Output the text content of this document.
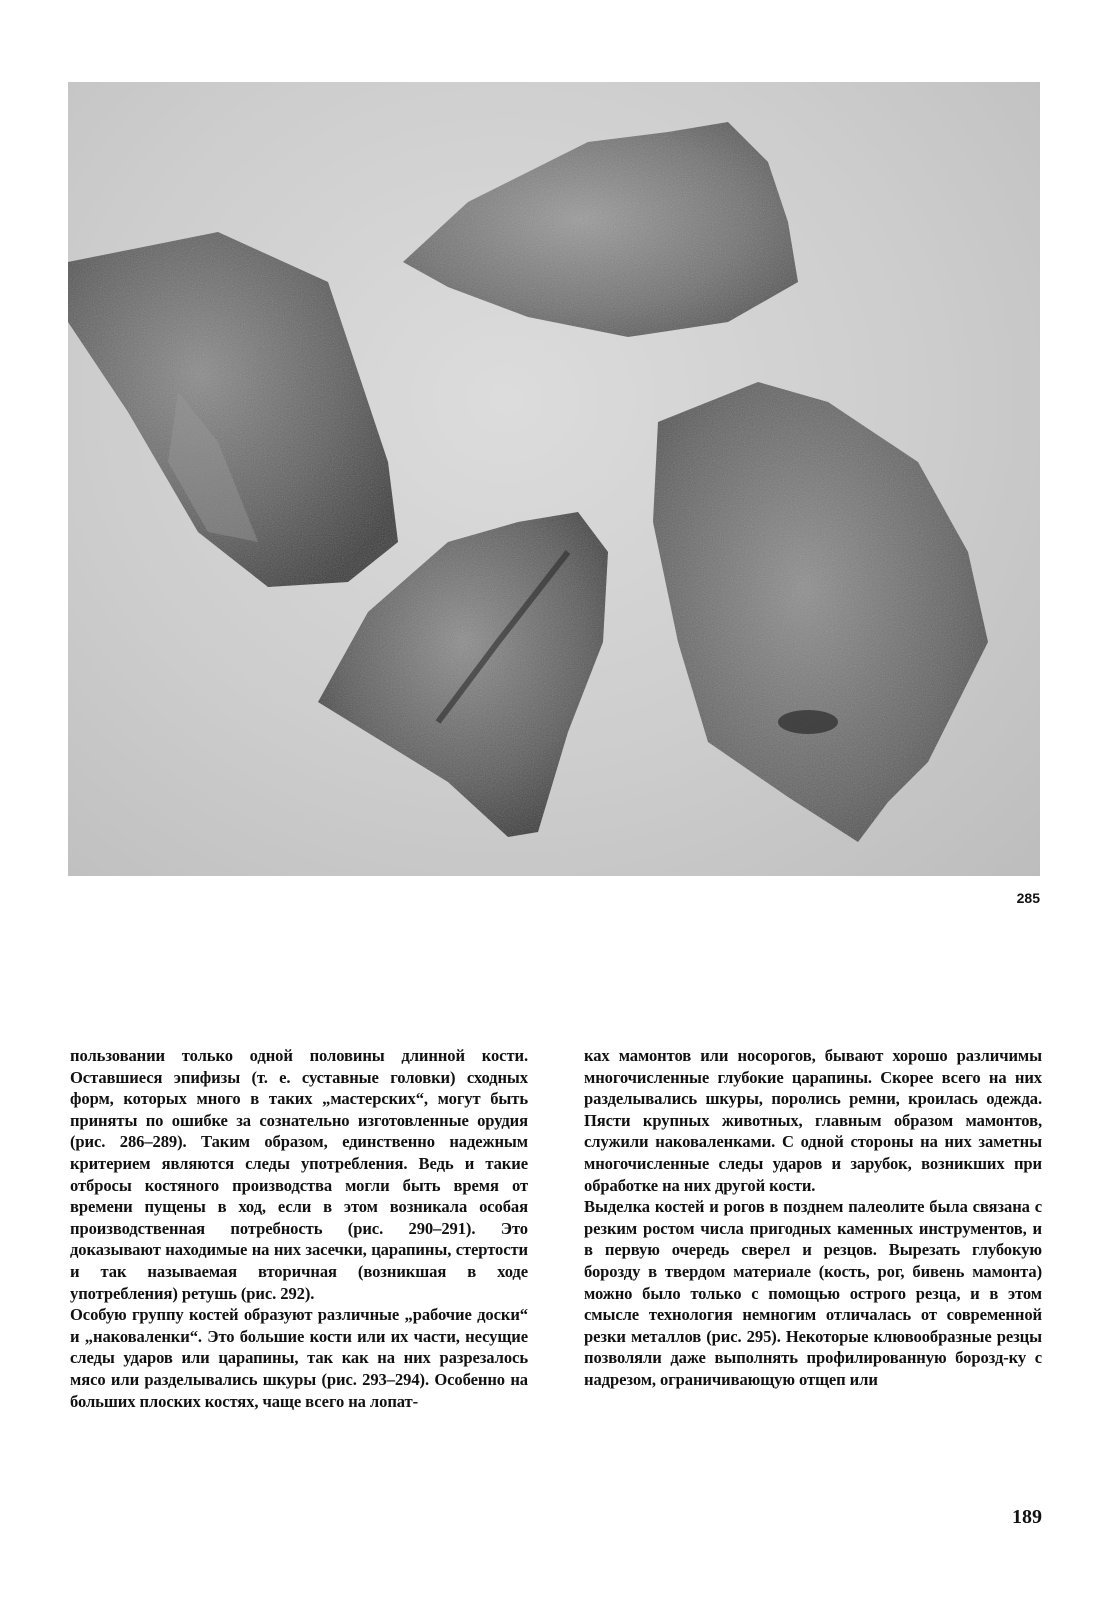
285

пользовании только одной половины длинной кости. Оставшиеся эпифизы (т. е. суставные головки) сходных форм, которых много в таких „мастерских“, могут быть приняты по ошибке за сознательно изготовленные орудия (рис. 286–289). Таким образом, единственно надежным критерием являются следы употребления. Ведь и такие отбросы костяного производства могли быть время от времени пущены в ход, если в этом возникала особая производственная потребность (рис. 290–291). Это доказывают находимые на них засечки, царапины, стертости и так называемая вторичная (возникшая в ходе употребления) ретушь (рис. 292).

Особую группу костей образуют различные „рабочие доски“ и „наковаленки“. Это большие кости или их части, несущие следы ударов или царапины, так как на них разрезалось мясо или разделывались шкуры (рис. 293–294). Особенно на больших плоских костях, чаще всего на лопат-

ках мамонтов или носорогов, бывают хорошо различимы многочисленные глубокие царапины. Скорее всего на них разделывались шкуры, поролись ремни, кроилась одежда. Пясти крупных животных, главным образом мамонтов, служили наковаленками. С одной стороны на них заметны многочисленные следы ударов и зарубок, возникших при обработке на них другой кости.

Выделка костей и рогов в позднем палеолите была связана с резким ростом числа пригодных каменных инструментов, и в первую очередь сверел и резцов. Вырезать глубокую борозду в твердом материале (кость, рог, бивень мамонта) можно было только с помощью острого резца, и в этом смысле технология немногим отличалась от современной резки металлов (рис. 295). Некоторые клювообразные резцы позволяли даже выполнять профилированную борозд-ку с надрезом, ограничивающую отщеп или

189
